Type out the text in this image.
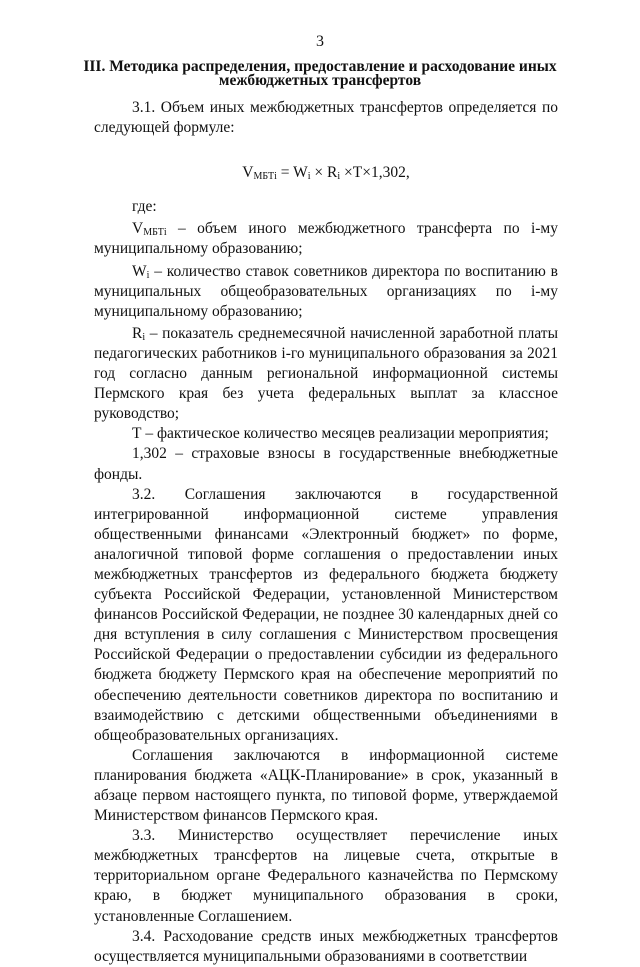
3
III. Методика распределения, предоставление и расходование иных межбюджетных трансфертов

3.1. Объем иных межбюджетных трансфертов определяется по следующей формуле:

$V_{МБТi} = W_i \times R_i \times T\times 1,302$,

где:

$V_{МБТi}$ – объем иного межбюджетного трансферта по i-му муниципальному образованию;

$W_i$ – количество ставок советников директора по воспитанию в муниципальных общеобразовательных организациях по i-му муниципальному образованию;

$R_i$ – показатель среднемесячной начисленной заработной платы педагогических работников i-го муниципального образования за 2021 год согласно данным региональной информационной системы Пермского края без учета федеральных выплат за классное руководство;

Т – фактическое количество месяцев реализации мероприятия;

1,302 – страховые взносы в государственные внебюджетные фонды.

3.2. Соглашения заключаются в государственной интегрированной информационной системе управления общественными финансами «Электронный бюджет» по форме, аналогичной типовой форме соглашения о предоставлении иных межбюджетных трансфертов из федерального бюджета бюджету субъекта Российской Федерации, установленной Министерством финансов Российской Федерации, не позднее 30 календарных дней со дня вступления в силу соглашения с Министерством просвещения Российской Федерации о предоставлении субсидии из федерального бюджета бюджету Пермского края на обеспечение мероприятий по обеспечению деятельности советников директора по воспитанию и взаимодействию с детскими общественными объединениями в общеобразовательных организациях.

Соглашения заключаются в информационной системе планирования бюджета «АЦК-Планирование» в срок, указанный в абзаце первом настоящего пункта, по типовой форме, утверждаемой Министерством финансов Пермского края.

3.3. Министерство осуществляет перечисление иных межбюджетных трансфертов на лицевые счета, открытые в территориальном органе Федерального казначейства по Пермскому краю, в бюджет муниципального образования в сроки, установленные Соглашением.

3.4. Расходование средств иных межбюджетных трансфертов осуществляется муниципальными образованиями в соответствии
